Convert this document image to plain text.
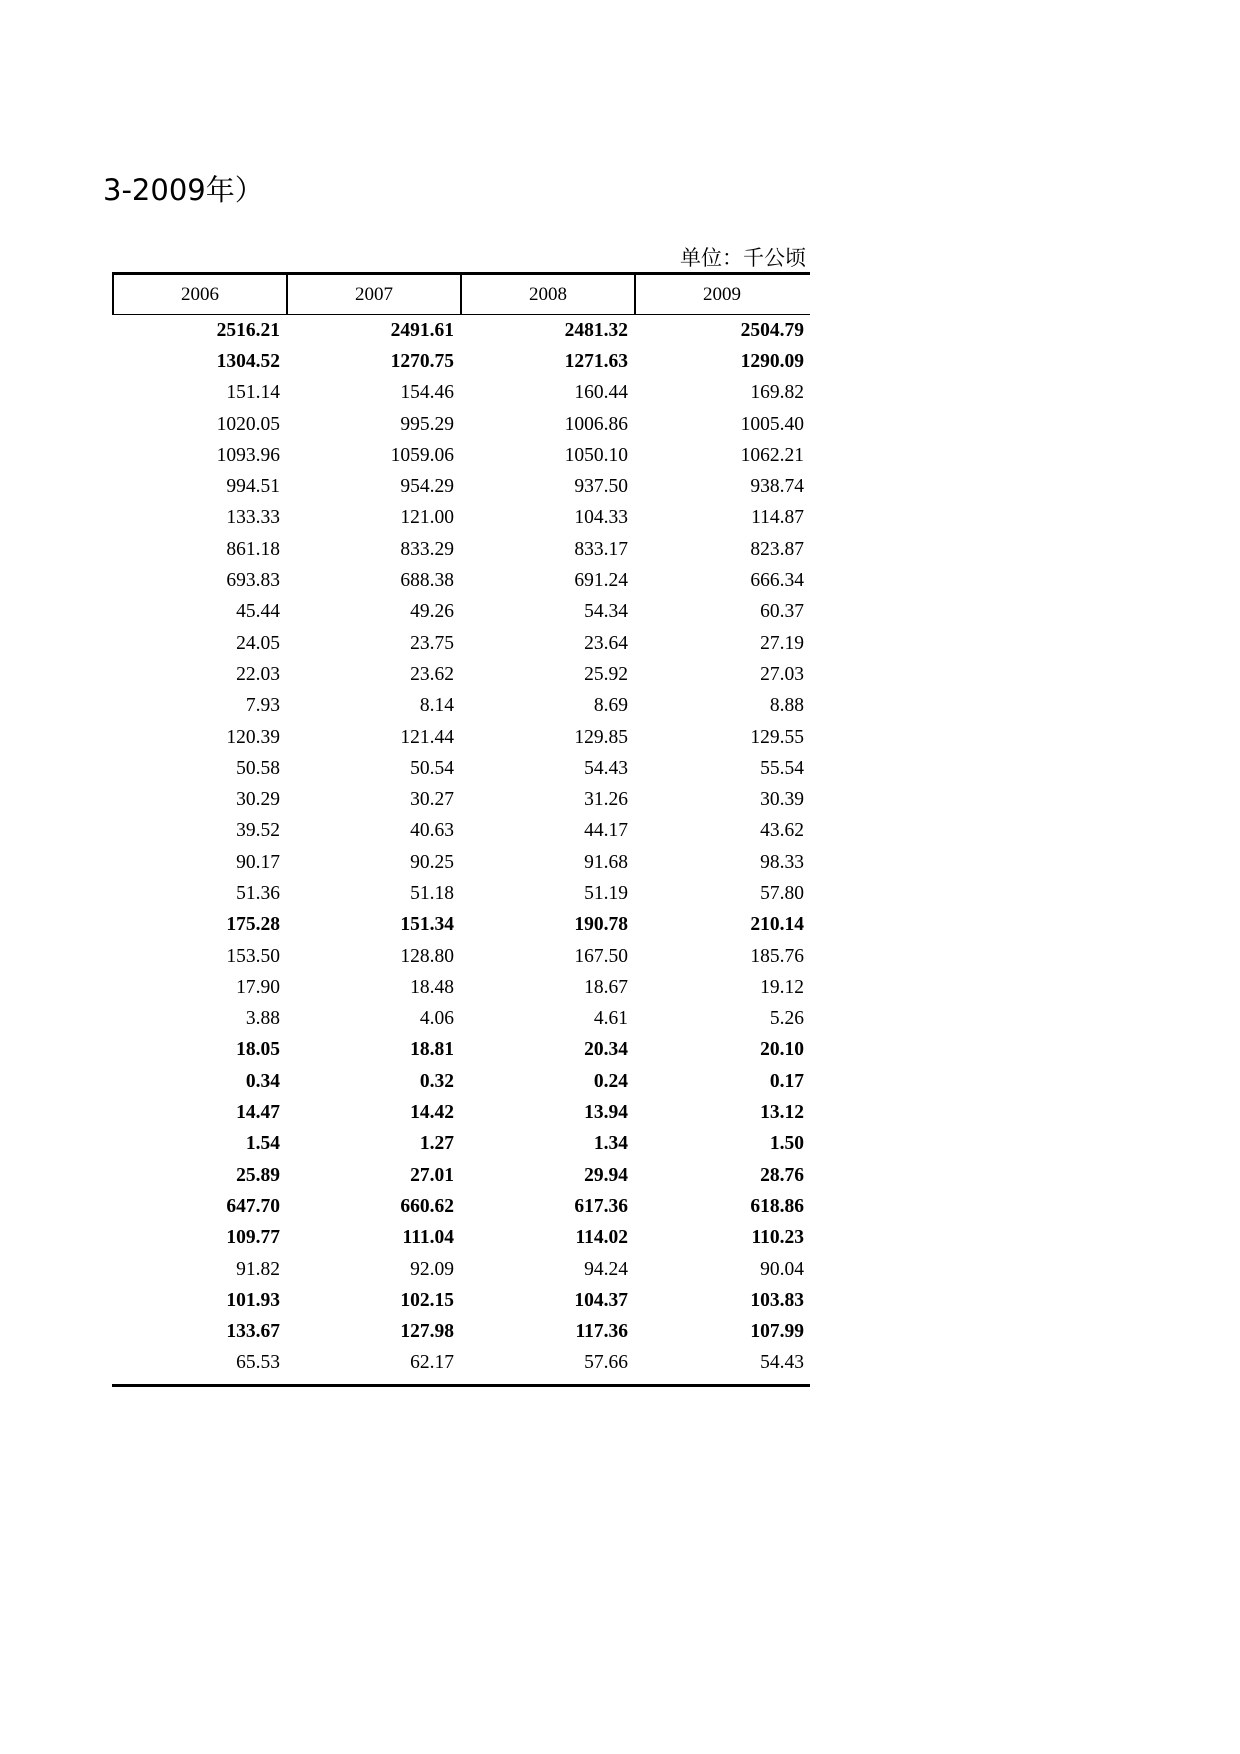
3-2009年）
单位：千公顷
2006	2007	2008	2009
2516.21	2491.61	2481.32	2504.79
1304.52	1270.75	1271.63	1290.09
151.14	154.46	160.44	169.82
1020.05	995.29	1006.86	1005.40
1093.96	1059.06	1050.10	1062.21
994.51	954.29	937.50	938.74
133.33	121.00	104.33	114.87
861.18	833.29	833.17	823.87
693.83	688.38	691.24	666.34
45.44	49.26	54.34	60.37
24.05	23.75	23.64	27.19
22.03	23.62	25.92	27.03
7.93	8.14	8.69	8.88
120.39	121.44	129.85	129.55
50.58	50.54	54.43	55.54
30.29	30.27	31.26	30.39
39.52	40.63	44.17	43.62
90.17	90.25	91.68	98.33
51.36	51.18	51.19	57.80
175.28	151.34	190.78	210.14
153.50	128.80	167.50	185.76
17.90	18.48	18.67	19.12
3.88	4.06	4.61	5.26
18.05	18.81	20.34	20.10
0.34	0.32	0.24	0.17
14.47	14.42	13.94	13.12
1.54	1.27	1.34	1.50
25.89	27.01	29.94	28.76
647.70	660.62	617.36	618.86
109.77	111.04	114.02	110.23
91.82	92.09	94.24	90.04
101.93	102.15	104.37	103.83
133.67	127.98	117.36	107.99
65.53	62.17	57.66	54.43
